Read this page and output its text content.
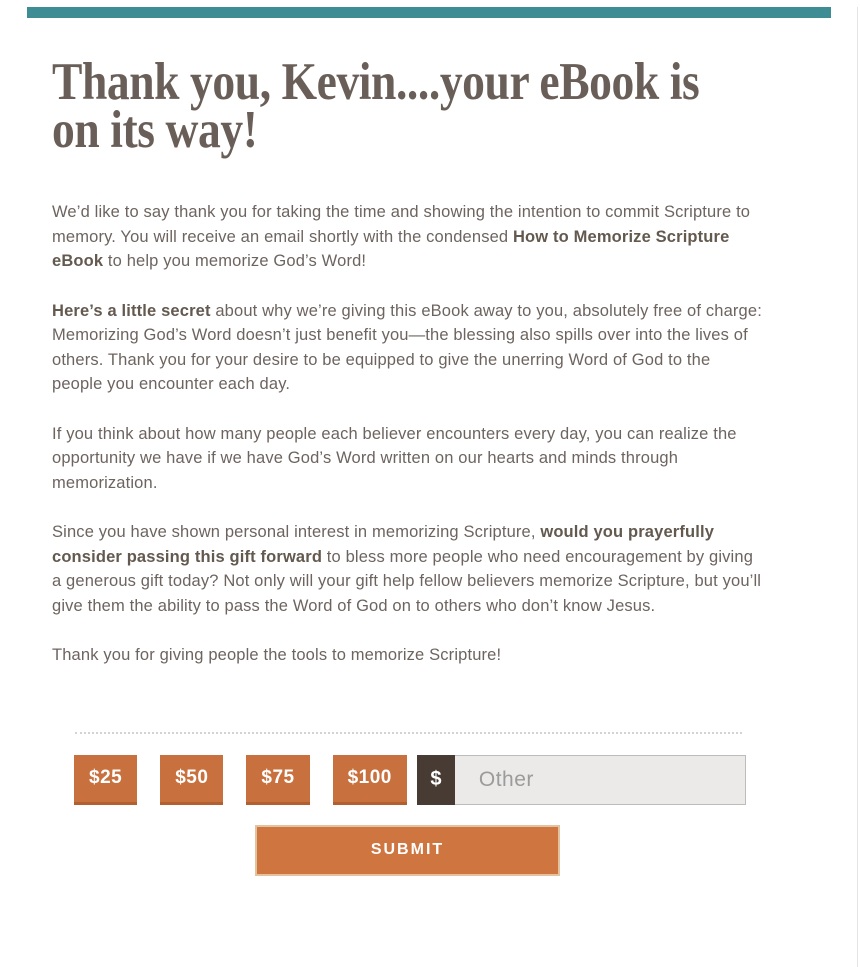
Thank you, Kevin....your eBook is
on its way!

We’d like to say thank you for taking the time and showing the intention to commit Scripture to memory. You will receive an email shortly with the condensed How to Memorize Scripture eBook to help you memorize God’s Word!

Here’s a little secret about why we’re giving this eBook away to you, absolutely free of charge: Memorizing God’s Word doesn’t just benefit you—the blessing also spills over into the lives of others. Thank you for your desire to be equipped to give the unerring Word of God to the people you encounter each day.

If you think about how many people each believer encounters every day, you can realize the opportunity we have if we have God’s Word written on our hearts and minds through memorization.

Since you have shown personal interest in memorizing Scripture, would you prayerfully consider passing this gift forward to bless more people who need encouragement by giving a generous gift today? Not only will your gift help fellow believers memorize Scripture, but you’ll give them the ability to pass the Word of God on to others who don’t know Jesus.

Thank you for giving people the tools to memorize Scripture!

$25	$50	$75	$100	$
Other
SUBMIT
